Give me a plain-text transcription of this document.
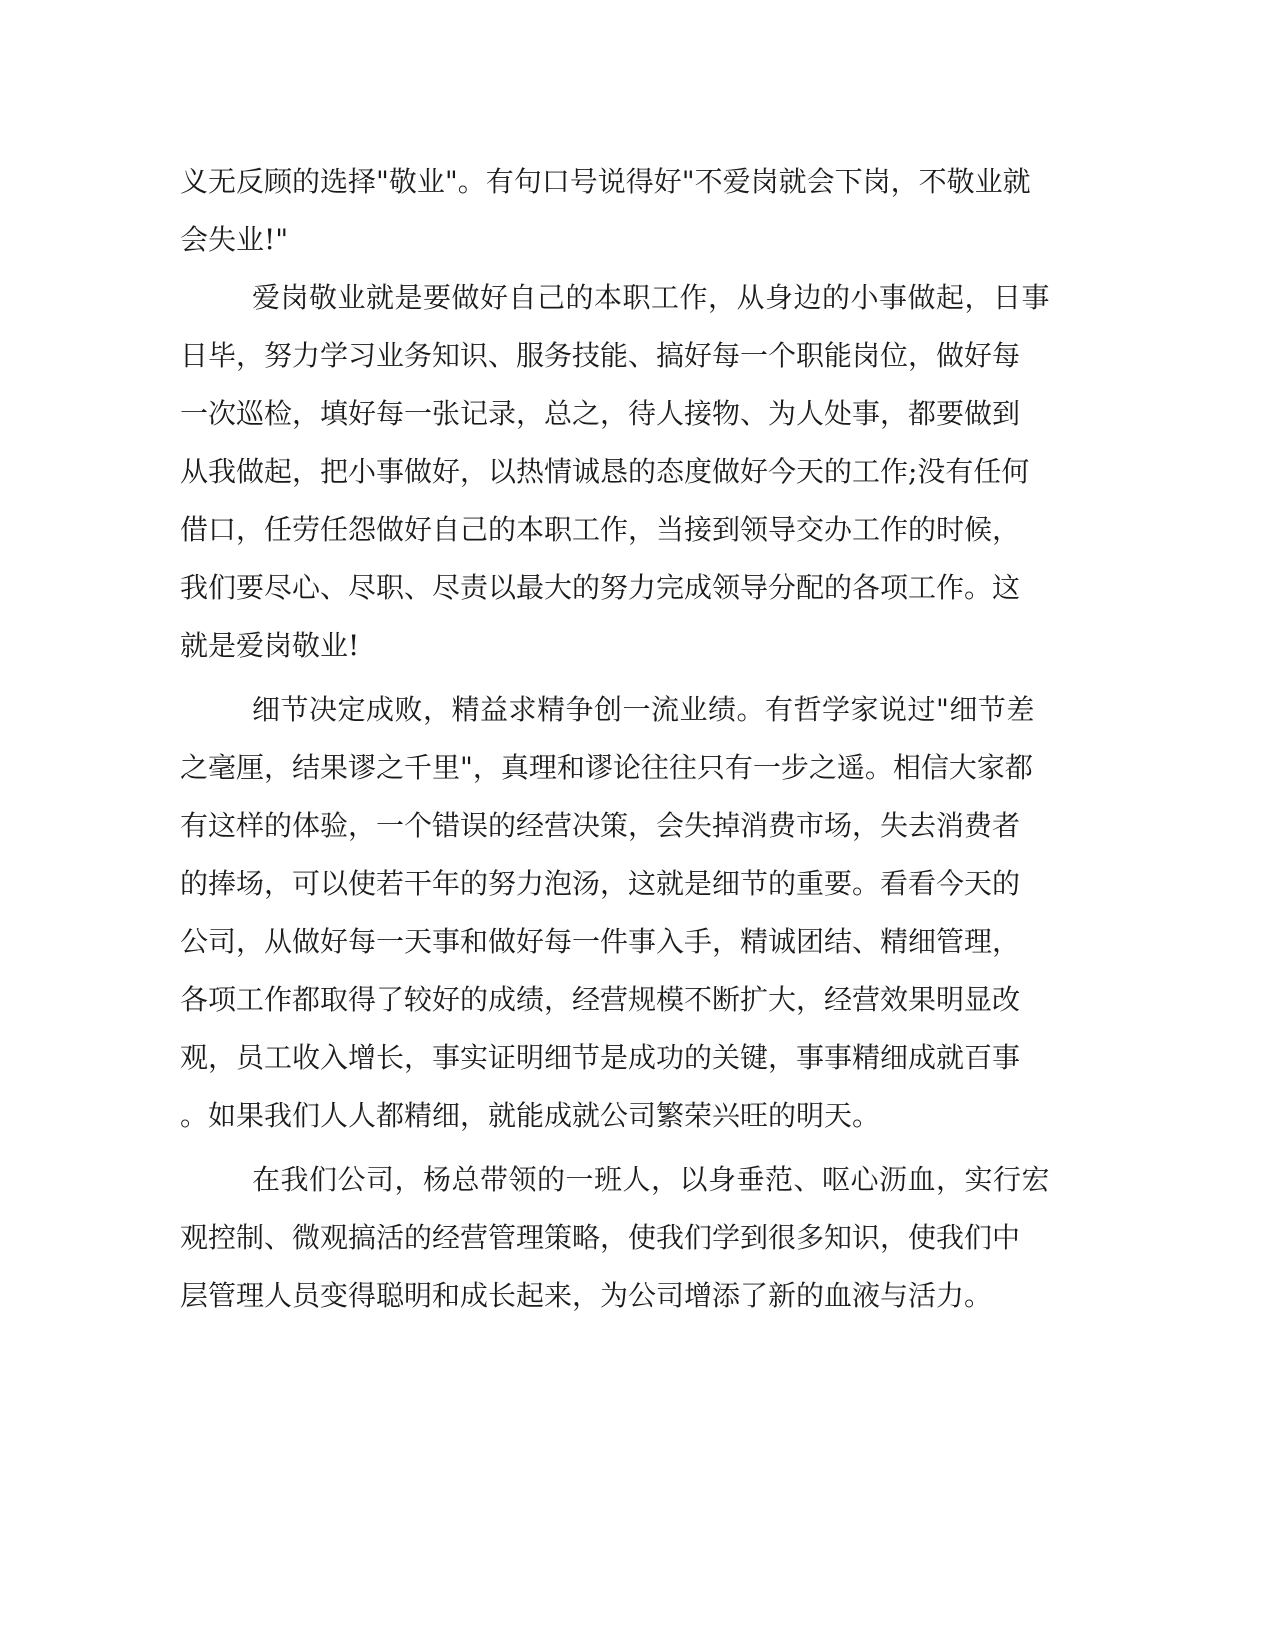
义无反顾的选择"敬业"。有句口号说得好"不爱岗就会下岗，不敬业就
会失业!"
爱岗敬业就是要做好自己的本职工作，从身边的小事做起，日事
日毕，努力学习业务知识、服务技能、搞好每一个职能岗位，做好每
一次巡检，填好每一张记录，总之，待人接物、为人处事，都要做到
从我做起，把小事做好，以热情诚恳的态度做好今天的工作;没有任何
借口，任劳任怨做好自己的本职工作，当接到领导交办工作的时候，
我们要尽心、尽职、尽责以最大的努力完成领导分配的各项工作。这
就是爱岗敬业!
细节决定成败，精益求精争创一流业绩。有哲学家说过"细节差
之毫厘，结果谬之千里"，真理和谬论往往只有一步之遥。相信大家都
有这样的体验，一个错误的经营决策，会失掉消费市场，失去消费者
的捧场，可以使若干年的努力泡汤，这就是细节的重要。看看今天的
公司，从做好每一天事和做好每一件事入手，精诚团结、精细管理，
各项工作都取得了较好的成绩，经营规模不断扩大，经营效果明显改
观，员工收入增长，事实证明细节是成功的关键，事事精细成就百事
。如果我们人人都精细，就能成就公司繁荣兴旺的明天。
在我们公司，杨总带领的一班人，以身垂范、呕心沥血，实行宏
观控制、微观搞活的经营管理策略，使我们学到很多知识，使我们中
层管理人员变得聪明和成长起来，为公司增添了新的血液与活力。
